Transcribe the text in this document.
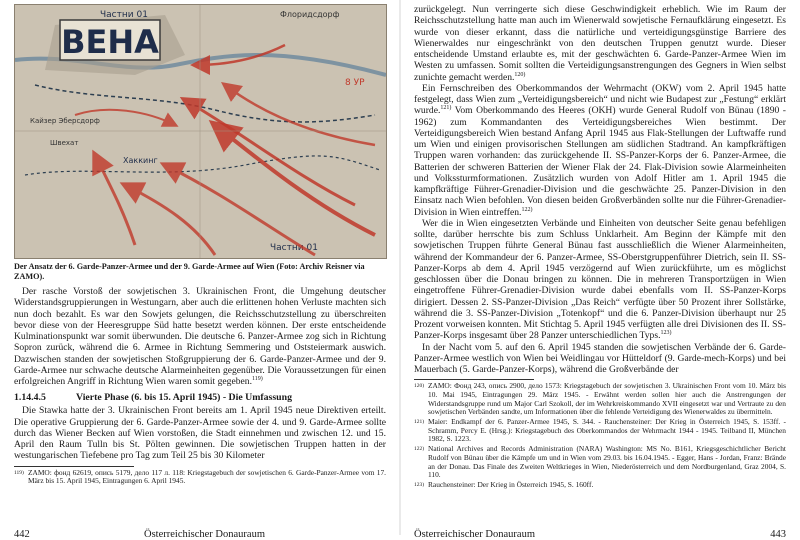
ВЕНА
Частни 01	Флоридсдорф
Кайзер Эберсдорф
Швехат
Хаккинг
Частни 01
8 УР
Der Ansatz der 6. Garde-Panzer-Armee und der 9. Garde-Armee auf Wien (Foto: Archiv Reisner via ZAMO).

Der rasche Vorstoß der sowjetischen 3. Ukrainischen Front, die Umgehung deutscher Widerstandsgruppierungen in Westungarn, aber auch die erlittenen hohen Verluste machten sich nun doch bezahlt. Es war den Sowjets gelungen, die Reichsschutzstellung zu überschreiten bevor diese von der Heeresgruppe Süd hatte besetzt werden können. Der erste entscheidende Kulminationspunkt war somit überwunden. Die deutsche 6. Panzer-Armee zog sich in Richtung Sopron zurück, während die 6. Armee in Richtung Semmering und Oststeiermark auswich. Dazwischen standen der sowjetischen Stoßgruppierung der 6. Garde-Panzer-Armee und der 9. Garde-Armee nur schwache deutsche Alarmeinheiten gegenüber. Die Voraussetzungen für einen erfolgreichen Angriff in Richtung Wien waren somit gegeben.$^{119)}$

1.14.4.5	Vierte Phase (6. bis 15. April 1945) - Die Umfassung

Die Stawka hatte der 3. Ukrainischen Front bereits am 1. April 1945 neue Direktiven erteilt. Die operative Gruppierung der 6. Garde-Panzer-Armee sowie der 4. und 9. Garde-Armee sollte durch das Wiener Becken auf Wien vorstoßen, die Stadt einnehmen und zwischen 12. und 15. April den Raum Tulln bis St. Pölten gewinnen. Die sowjetischen Truppen hatten in der westungarischen Tiefebene pro Tag zum Teil 25 bis 30 Kilometer

119) ZAMO: фонд 62619, опись 5179, дело 117 л. 118: Kriegstagebuch der sowjetischen 6. Garde-Panzer-Armee vom 17. März bis 15. April 1945, Eintragungen 6. April 1945.
442	Österreichischer Donauraum

zurückgelegt. Nun verringerte sich diese Geschwindigkeit erheblich. Wie im Raum der Reichsschutzstellung hatte man auch im Wienerwald sowjetische Fernaufklärung eingesetzt. Es wurde von dieser erkannt, dass die natürliche und verteidigungsgünstige Barriere des Wienerwaldes nur eingeschränkt von den deutschen Truppen genutzt wurde. Dieser entscheidende Umstand erlaubte es, mit der geschwächten 6. Garde-Panzer-Armee Wien im Westen zu umfassen. Somit sollten die Verteidigungsanstrengungen des Gegners in Wien selbst zunichte gemacht werden.$^{120)}$

Ein Fernschreiben des Oberkommandos der Wehrmacht (OKW) vom 2. April 1945 hatte festgelegt, dass Wien zum „Verteidigungsbereich“ und nicht wie Budapest zur „Festung“ erklärt wurde.$^{121)}$ Vom Oberkommando des Heeres (OKH) wurde General Rudolf von Bünau (1890 - 1962) zum Kommandanten des Verteidigungsbereiches Wien bestimmt. Der Verteidigungsbereich Wien bestand Anfang April 1945 aus Flak-Stellungen der Luftwaffe rund um Wien und einigen provisorischen Stellungen am südlichen Stadtrand. An kampfkräftigen Truppen waren vorhanden: das zurückgehende II. SS-Panzer-Korps der 6. Panzer-Armee, die Batterien der schweren Batterien der Wiener Flak der 24. Flak-Division sowie Alarmeinheiten und Volkssturmformationen. Zusätzlich wurden von Adolf Hitler am 1. April 1945 die kampfkräftige Führer-Grenadier-Division und die geschwächte 25. Panzer-Division in den Einsatz nach Wien befohlen. Von diesen beiden Großverbänden sollte nur die Führer-Grenadier-Division in Wien eintreffen.$^{122)}$

Wer die in Wien eingesetzten Verbände und Einheiten von deutscher Seite genau befehligen sollte, darüber herrschte bis zum Schluss Unklarheit. Am Beginn der Kämpfe mit den sowjetischen Truppen führte General Bünau fast ausschließlich die Wiener Alarmeinheiten, während der Kommandeur der 6. Panzer-Armee, SS-Oberstgruppenführer Dietrich, sein II. SS-Panzer-Korps ab dem 4. April 1945 verzögernd auf Wien zurückführte, um es möglichst geschlossen über die Donau bringen zu können. Die in mehreren Transportzügen in Wien eingetroffene Führer-Grenadier-Division wurde dabei ebenfalls vom II. SS-Panzer-Korps dirigiert. Dessen 2. SS-Panzer-Division „Das Reich“ verfügte über 50 Prozent ihrer Sollstärke, während die 3. SS-Panzer-Division „Totenkopf“ und die 6. Panzer-Division überhaupt nur 25 Prozent vorweisen konnten. Mit Stichtag 5. April 1945 verfügten alle drei Divisionen des II. SS-Panzer-Korps insgesamt über 28 Panzer unterschiedlichen Typs.$^{123)}$

In der Nacht vom 5. auf den 6. April 1945 standen die sowjetischen Verbände der 6. Garde-Panzer-Armee westlich von Wien bei Weidlingau vor Hütteldorf (9. Garde-mech-Korps) und bei Mauerbach (5. Garde-Panzer-Korps), während die Großverbände der

120) ZAMO: Фонд 243, опись 2900, дело 1573: Kriegstagebuch der sowjetischen 3. Ukrainischen Front vom 10. März bis 10. Mai 1945, Eintragungen 29. März 1945. - Erwähnt werden sollen hier auch die Anstrengungen der Widerstandsgruppe rund um Major Carl Szokoll, der im Wehrkreiskommando XVII eingesetzt war und Vertraute zu den sowjetischen Verbänden sandte, um Informationen über die fehlende Verteidigung des Wienerwaldes zu übermitteln.
121) Maier: Endkampf der 6. Panzer-Armee 1945, S. 344. - Rauchensteiner: Der Krieg in Österreich 1945, S. 153ff. - Schramm, Percy E. (Hrsg.): Kriegstagebuch des Oberkommandos der Wehrmacht 1944 - 1945. Teilband II, München 1982, S. 1223.
122) National Archives and Records Administration (NARA) Washington: MS No. B161, Kriegsgeschichtlicher Bericht Rudolf von Bünau über die Kämpfe um und in Wien vom 29.03. bis 16.04.1945. - Egger, Hans - Jordan, Franz: Brände an der Donau. Das Finale des Zweiten Weltkrieges in Wien, Niederösterreich und dem Nordburgenland, Graz 2004, S. 110.
123) Rauchensteiner: Der Krieg in Österreich 1945, S. 160ff.
Österreichischer Donauraum	443
